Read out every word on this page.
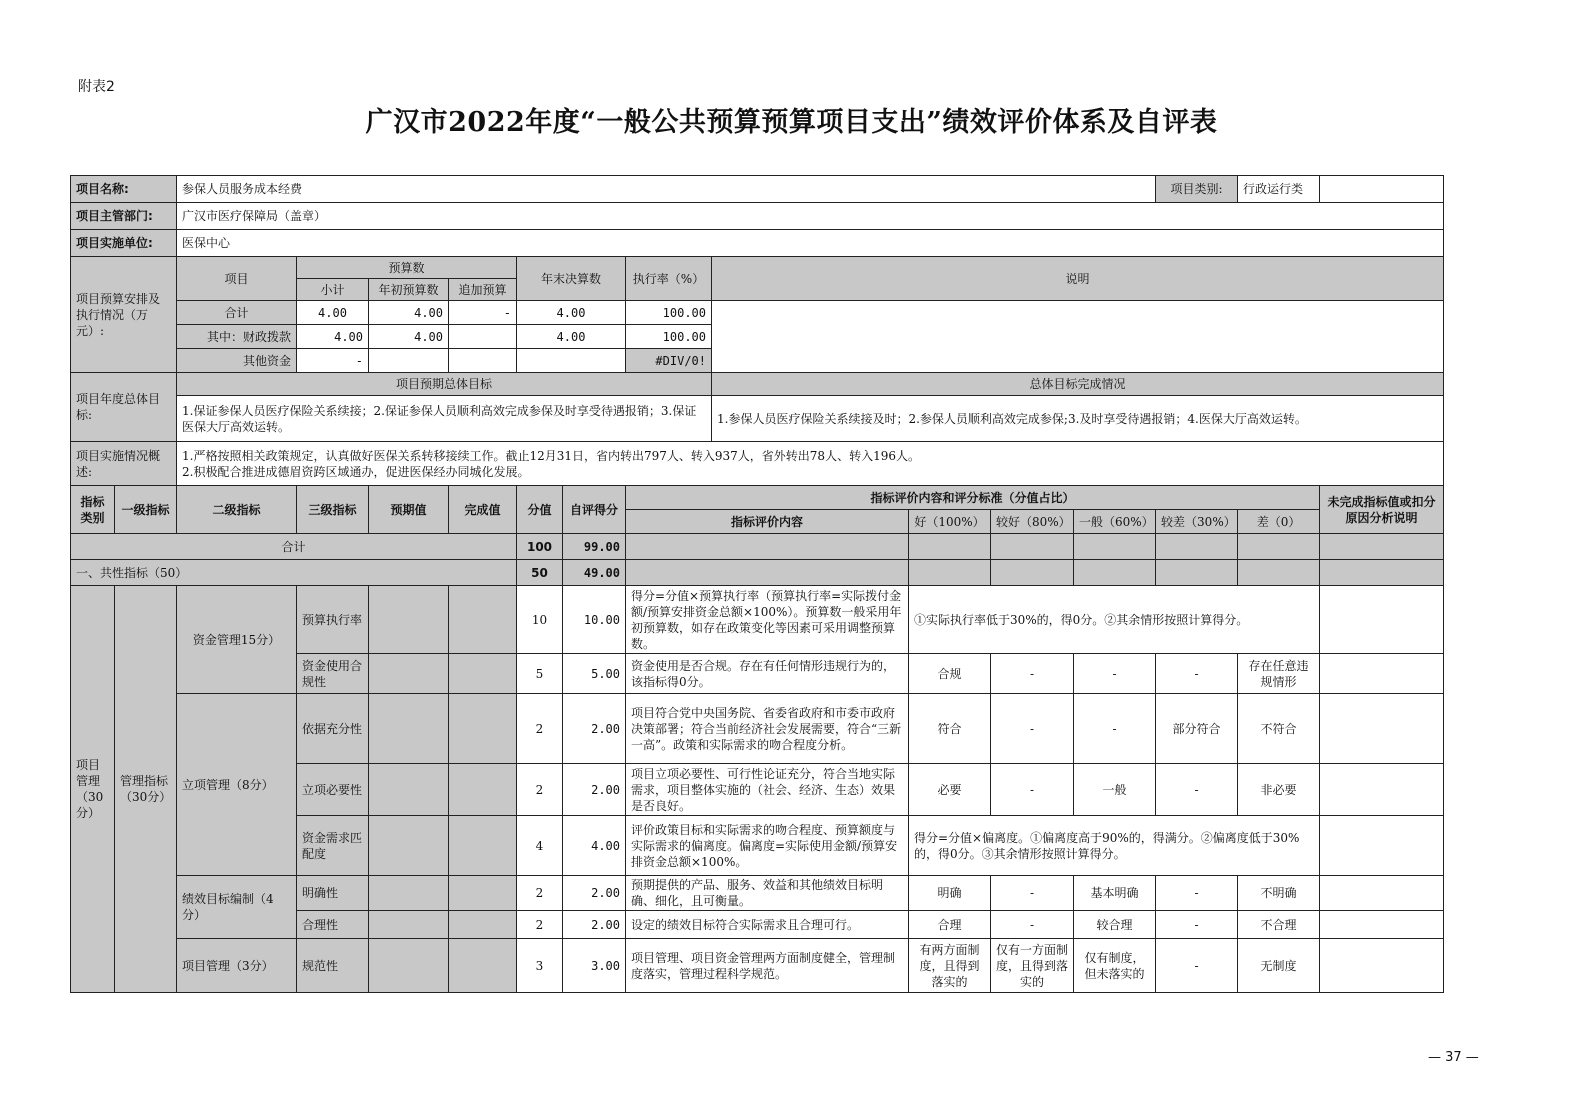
附表2
广汉市2022年度“一般公共预算预算项目支出”绩效评价体系及自评表
项目名称:		参保人员服务成本经费											项目类别:	行政运行类	
项目主管部门:		广汉市医疗保障局（盖章）													
项目实施单位:		医保中心													
项目预算安排及执行情况（万元）:		项目	预算数			年末决算数		执行率（%）	说明						
			小计	年初预算数	追加预算										
		合计	4.00	4.00	-	4.00		100.00							
		其中：财政拨款	4.00	4.00		4.00		100.00							
		其他资金	-					#DIV/0!							
项目年度总体目标:		项目预期总体目标							总体目标完成情况						
		1.保证参保人员医疗保险关系续接；2.保证参保人员顺利高效完成参保及时享受待遇报销；3.保证医保大厅高效运转。							1.参保人员医疗保险关系续接及时；2.参保人员顺利高效完成参保;3.及时享受待遇报销；4.医保大厅高效运转。						
项目实施情况概述:		1.严格按照相关政策规定，认真做好医保关系转移接续工作。截止12月31日，省内转出797人、转入937人，省外转出78人、转入196人。
2.积极配合推进成德眉资跨区域通办，促进医保经办同城化发展。													

指标类别	一级指标	二级指标	三级指标	预期值	完成值	分值	自评得分	指标评价内容和评分标准（分值占比）							未完成指标值或扣分原因分析说明
								指标评价内容		好（100%）	较好（80%）	一般（60%）	较差（30%）	差（0）	
合计						100	99.00								
一、共性指标（50）						50	49.00								
项目管理（30分）	管理指标（30分）	资金管理15分）	预算执行率			10	10.00	得分=分值×预算执行率（预算执行率=实际拨付金额/预算安排资金总额×100%）。预算数一般采用年初预算数，如存在政策变化等因素可采用调整预算数。		①实际执行率低于30%的，得0分。②其余情形按照计算得分。					
			资金使用合规性			5	5.00	资金使用是否合规。存在有任何情形违规行为的，该指标得0分。		合规	-	-	-	存在任意违规情形	
		立项管理（8分）	依据充分性			2	2.00	项目符合党中央国务院、省委省政府和市委市政府决策部署；符合当前经济社会发展需要，符合“三新一高”。政策和实际需求的吻合程度分析。		符合	-	-	部分符合	不符合	
			立项必要性			2	2.00	项目立项必要性、可行性论证充分，符合当地实际需求，项目整体实施的（社会、经济、生态）效果是否良好。		必要	-	一般	-	非必要	
			资金需求匹配度			4	4.00	评价政策目标和实际需求的吻合程度、预算额度与实际需求的偏离度。偏离度=实际使用金额/预算安排资金总额×100%。		得分=分值×偏离度。①偏离度高于90%的，得满分。②偏离度低于30%的，得0分。③其余情形按照计算得分。					
		绩效目标编制（4分）	明确性			2	2.00	预期提供的产品、服务、效益和其他绩效目标明确、细化，且可衡量。		明确	-	基本明确	-	不明确	
			合理性			2	2.00	设定的绩效目标符合实际需求且合理可行。		合理	-	较合理	-	不合理	
		项目管理（3分）	规范性			3	3.00	项目管理、项目资金管理两方面制度健全，管理制度落实，管理过程科学规范。		有两方面制度，且得到落实的	仅有一方面制度，且得到落实的	仅有制度，但未落实的	-	无制度	
— 37 —
